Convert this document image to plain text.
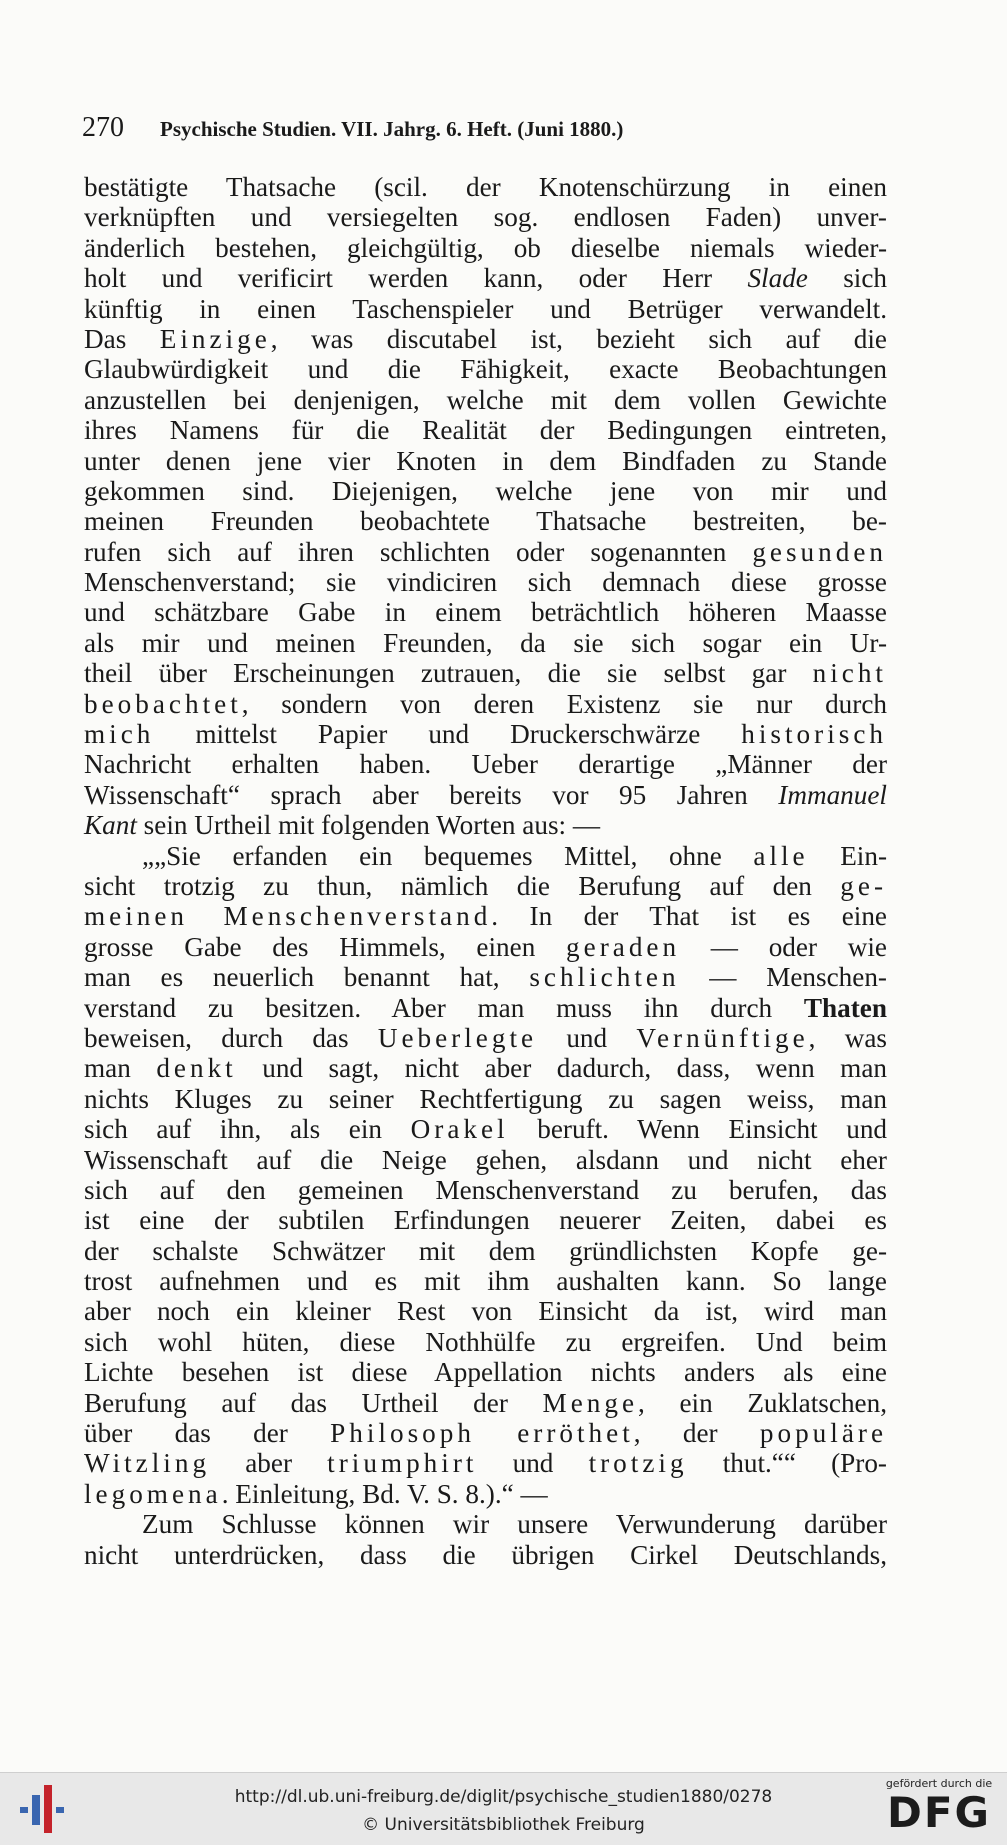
270 Psychische Studien. VII. Jahrg. 6. Heft. (Juni 1880.)
bestätigte Thatsache (scil. der Knotenschürzung in einen
verknüpften und versiegelten sog. endlosen Faden) unver-
änderlich bestehen, gleichgültig, ob dieselbe niemals wieder-
holt und verificirt werden kann, oder Herr Slade sich
künftig in einen Taschenspieler und Betrüger verwandelt.
Das Einzige, was discutabel ist, bezieht sich auf die
Glaubwürdigkeit und die Fähigkeit, exacte Beobachtungen
anzustellen bei denjenigen, welche mit dem vollen Gewichte
ihres Namens für die Realität der Bedingungen eintreten,
unter denen jene vier Knoten in dem Bindfaden zu Stande
gekommen sind. Diejenigen, welche jene von mir und
meinen Freunden beobachtete Thatsache bestreiten, be-
rufen sich auf ihren schlichten oder sogenannten gesunden
Menschenverstand; sie vindiciren sich demnach diese grosse
und schätzbare Gabe in einem beträchtlich höheren Maasse
als mir und meinen Freunden, da sie sich sogar ein Ur-
theil über Erscheinungen zutrauen, die sie selbst gar nicht
beobachtet, sondern von deren Existenz sie nur durch
mich mittelst Papier und Druckerschwärze historisch
Nachricht erhalten haben. Ueber derartige „Männer der
Wissenschaft“ sprach aber bereits vor 95 Jahren Immanuel
Kant sein Urtheil mit folgenden Worten aus: —
„„Sie erfanden ein bequemes Mittel, ohne alle Ein-
sicht trotzig zu thun, nämlich die Berufung auf den ge-
meinen Menschenverstand. In der That ist es eine
grosse Gabe des Himmels, einen geraden — oder wie
man es neuerlich benannt hat, schlichten — Menschen-
verstand zu besitzen. Aber man muss ihn durch Thaten
beweisen, durch das Ueberlegte und Vernünftige, was
man denkt und sagt, nicht aber dadurch, dass, wenn man
nichts Kluges zu seiner Rechtfertigung zu sagen weiss, man
sich auf ihn, als ein Orakel beruft. Wenn Einsicht und
Wissenschaft auf die Neige gehen, alsdann und nicht eher
sich auf den gemeinen Menschenverstand zu berufen, das
ist eine der subtilen Erfindungen neuerer Zeiten, dabei es
der schalste Schwätzer mit dem gründlichsten Kopfe ge-
trost aufnehmen und es mit ihm aushalten kann. So lange
aber noch ein kleiner Rest von Einsicht da ist, wird man
sich wohl hüten, diese Nothhülfe zu ergreifen. Und beim
Lichte besehen ist diese Appellation nichts anders als eine
Berufung auf das Urtheil der Menge, ein Zuklatschen,
über das der Philosoph erröthet, der populäre
Witzling aber triumphirt und trotzig thut.““ (Pro-
legomena. Einleitung, Bd. V. S. 8.).“ —
Zum Schlusse können wir unsere Verwunderung darüber
nicht unterdrücken, dass die übrigen Cirkel Deutschlands,
http://dl.ub.uni-freiburg.de/diglit/psychische_studien1880/0278
© Universitätsbibliothek Freiburg
gefördert durch die
DFG
